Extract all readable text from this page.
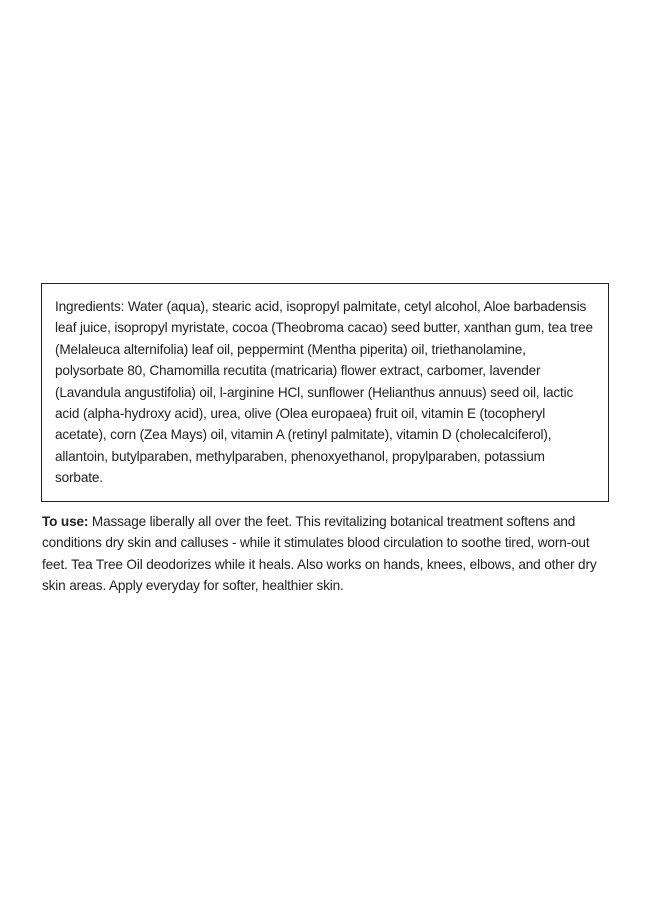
Ingredients: Water (aqua), stearic acid, isopropyl palmitate, cetyl alcohol, Aloe barbadensis leaf juice, isopropyl myristate, cocoa (Theobroma cacao) seed butter, xanthan gum, tea tree (Melaleuca alternifolia) leaf oil, peppermint (Mentha piperita) oil, triethanolamine, polysorbate 80, Chamomilla recutita (matricaria) flower extract, carbomer, lavender (Lavandula angustifolia) oil, l-arginine HCl, sunflower (Helianthus annuus) seed oil, lactic acid (alpha-hydroxy acid), urea, olive (Olea europaea) fruit oil, vitamin E (tocopheryl acetate), corn (Zea Mays) oil, vitamin A (retinyl palmitate), vitamin D (cholecalciferol), allantoin, butylparaben, methylparaben, phenoxyethanol, propylparaben, potassium sorbate.

To use: Massage liberally all over the feet. This revitalizing botanical treatment softens and conditions dry skin and calluses - while it stimulates blood circulation to soothe tired, worn-out feet. Tea Tree Oil deodorizes while it heals. Also works on hands, knees, elbows, and other dry skin areas. Apply everyday for softer, healthier skin.
